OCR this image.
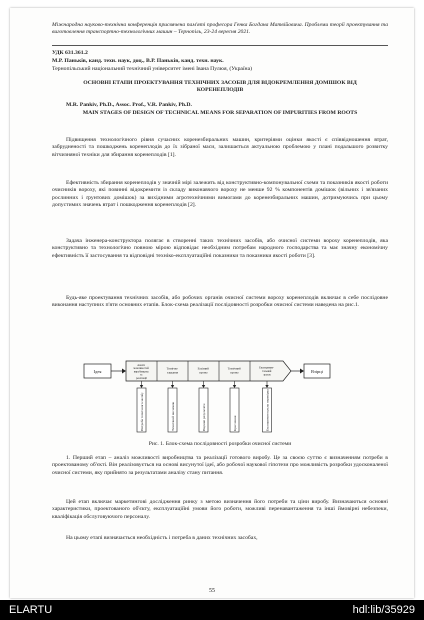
Міжнародна науково-технічна конференція присвячена пам'яті професора Генка Богдана Матвійовича. Проблеми теорії проектування та виготовлення транспортно-технологічних машин – Тернопіль, 23-24 вересня 2021.
УДК 631.361.2
М.Р. Паньків, канд. техн. наук, доц., В.Р. Паньків, канд. техн. наук.
Тернопільський національний технічний університет імені Івана Пулюя, (Україна)
ОСНОВНІ ЕТАПИ ПРОЕКТУВАННЯ ТЕХНІЧНИХ ЗАСОБІВ ДЛЯ ВІДОКРЕМЛЕННЯ ДОМІШОК ВІД КОРЕНЕПЛОДІВ
M.R. Pankiv, Ph.D., Assoc. Prof., V.R. Pankiv, Ph.D.
MAIN STAGES OF DESIGN OF TECHNICAL MEANS FOR SEPARATION OF IMPURITIES FROM ROOTS
Підвищення технологічного рівня сучасних коренезбиральних машин, критеріями оцінки якості є співвідношення втрат, забрудненості та пошкоджень коренеплодів до їх зібраної маси, залишається актуальною проблемою у плані подальшого розвитку вітчизняної техніки для збирання коренеплодів [1].
Ефективність збирання коренеплодів у значній мірі залежить від конструктивно-компонувальної схеми та показників якості роботи очисників вороху, які повинні відокремити із складу виконавчого вороху не менше 92 % компонентів домішок (вільних і зв'язаних рослинних і ґрунтових домішок) за вихідними агротехнічними вимогами до коренезбиральних машин, дотримуючись при цьому допустимих значень втрат і пошкодження коренеплодів [2].
Задача інженера-конструктора полягає в створенні таких технічних засобів, або очисної системи вороху коренеплодів, яка конструктивно та технологічно повною мірою відповідає необхідним потребам народного господарства та має значну економічну ефективність її застосування та відповідні техніко-експлуатаційні показники та показники якості роботи [3].
Будь-яке проектування технічних засобів, або робочих органів очисної системи вороху коренеплодів включає в себе послідовне виконання наступних п'яти основних етапів. Блок-схема реалізації послідовності розробки очисної системи наведена на рис.1.
Ідея
Аналіз можливостей виробництва та реалізації
Технічне завдання
Ескізний проект
Технічний проект
Експеримен- тальний зразок
Взірці
Потреба технічного засобу	Технічний висновок	Наукові результати	Креслення	Експериментальна перевірка
Рис. 1. Блок-схема послідовності розробки очисної системи
1. Перший етап – аналіз можливості виробництва та реалізації готового виробу. Це за своєю суттю є визначенням потреби в проектованому об'єкті. Він реалізовується на основі висунутої ідеї, або робочої наукової гіпотези про можливість розробки удосконаленої очисної системи, яку прийнято за результатами аналізу стану питання.
Цей етап включає маркетингові дослідження ринку з метою визначення його потреби та ціни виробу. Визначаються основні характеристики, проектованого об'єкту, експлуатаційні умови його роботи, можливі перенавантаження та інші ймовірні небезпеки, кваліфікація обслуговуючого персоналу.
На цьому етапі визначається необхідність і потреба в даних технічних засобах,
55
ELARTU	hdl:lib/35929
